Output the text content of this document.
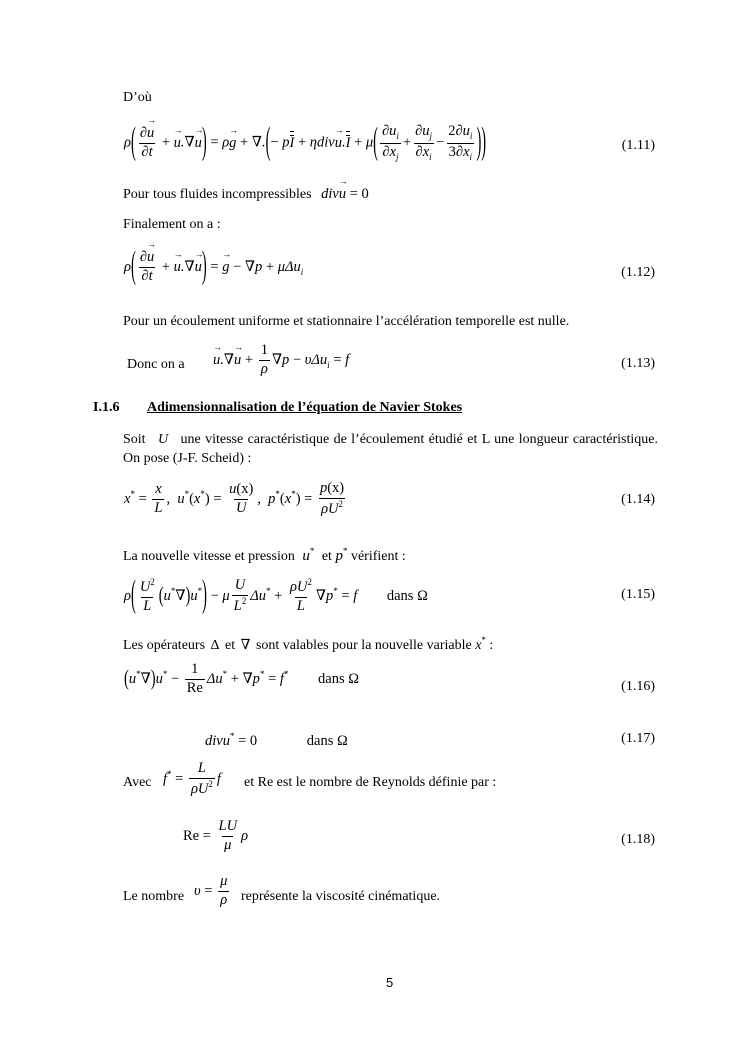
D’où
$\rho( \frac{\partial\to u}{\partial t}$ + → u.∇→ u) = ρ→ g + ∇.(− pI + $\eta div\to u.I + \mu( \frac{\partial u_i}{\partial x_j} + \frac{\partial u_j}{\partial x_i} - \frac{2\partial u_i}{3\partial x_i}$ ))	(1.11)
Pour tous fluides incompressibles div→ u = 0
Finalement on a :
$\rho( \frac{\partial\to u}{\partial t}$ + → u.∇→ u) = → g − ∇p + μΔu$_i$	(1.12)
Pour un écoulement uniforme et stationnaire l’accélération temporelle est nulle.
Donc on $a \to u.\nabla\to u + \frac{1}{\rho} \nabla p - \upsilon\Delta u_i = f$	(1.13)
I.1.6 Adimensionnalisation de l’équation de Navier Stokes
Soit U une vitesse caractéristique de l’écoulement étudié et L une longueur caractéristique. On pose (J-F. Scheid) :
$x^* = \frac{x}{L}$ ,  $u^*(x^*) = \frac{u(x)}{U}$ ,  $p^*(x^*) = \frac{p(x)}{\rho U^2}$	(1.14)
La nouvelle vitesse et pression u* et p* vérifient :
$\rho( \frac{U^2}{L} (u^*\nabla)u^*) - \mu \frac{U}{L^2} \Delta u^* + \frac{\rho U^2}{L} \nabla p^* = f$ dans Ω	(1.15)
Les opérateurs Δ et ∇ sont valables pour la nouvelle variable x* :
$(u^*\nabla)u^* - \frac{1}{Re} \Delta u^* + \nabla p^* = f^*$ dans Ω	(1.16)
divu* = 0	dans Ω	(1.17)
Avec $f^* = \frac{L}{\rho U^2}$ f et Re est le nombre de Reynolds définie par :
$Re = \frac{LU}{\mu}$ ρ	(1.18)
Le nombre $\upsilon = \frac{\mu}{\rho}$ représente la viscosité cinématique.
5
